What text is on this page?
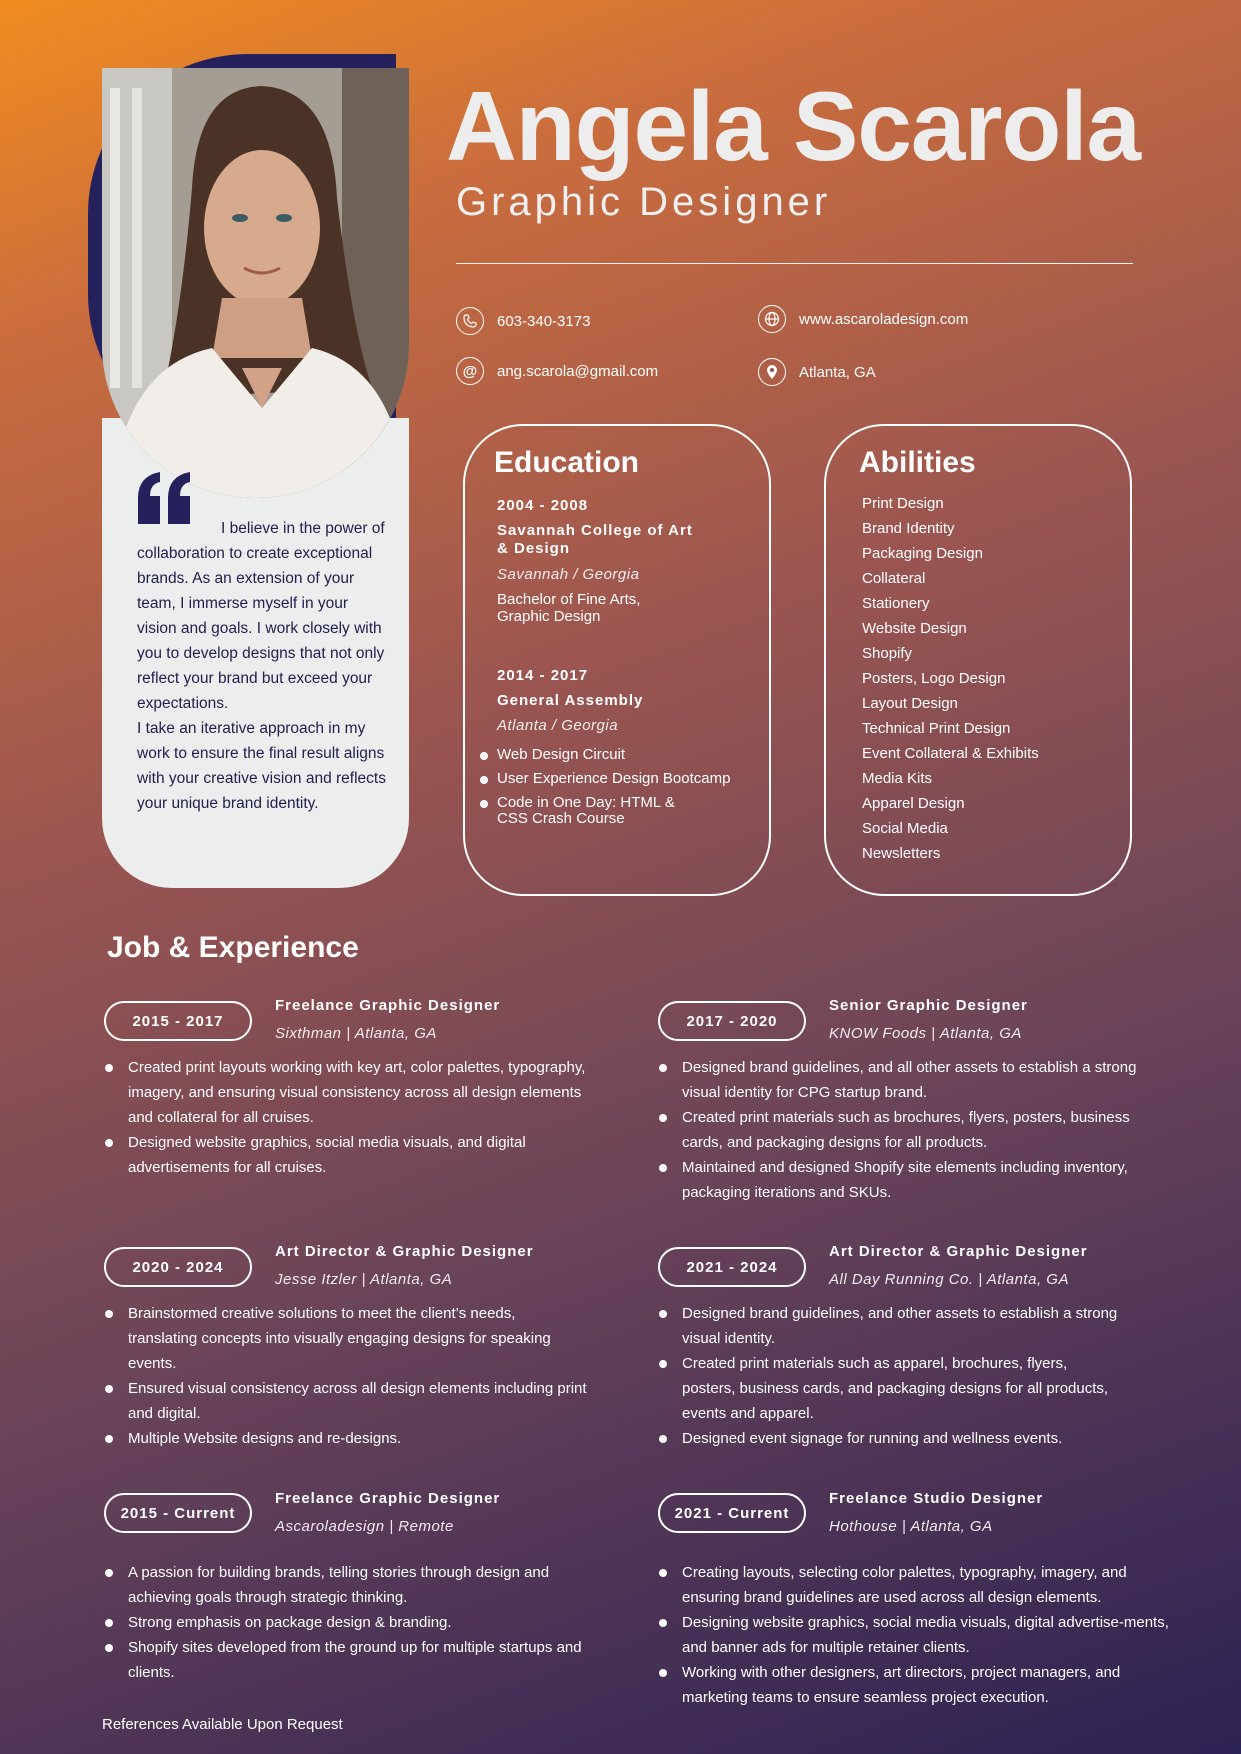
I believe in the power of collaboration to create exceptional brands. As an extension of your team, I immerse myself in your vision and goals. I work closely with you to develop designs that not only reflect your brand but exceed your expectations.
I take an iterative approach in my work to ensure the final result aligns with your creative vision and reflects your unique brand identity.
Angela Scarola
Graphic Designer
603-340-3173
@	ang.scarola@gmail.com
www.ascaroladesign.com
Atlanta, GA
Education
2004 - 2008
Savannah College of Art & Design
Savannah / Georgia
Bachelor of Fine Arts, Graphic Design
2014 - 2017
General Assembly
Atlanta / Georgia
Web Design Circuit
User Experience Design Bootcamp
Code in One Day: HTML & CSS Crash Course
Abilities
Print Design
Brand Identity
Packaging Design
Collateral
Stationery
Website Design
Shopify
Posters, Logo Design
Layout Design
Technical Print Design
Event Collateral & Exhibits
Media Kits
Apparel Design
Social Media
Newsletters
Job & Experience
2015 - 2017
Freelance Graphic Designer
Sixthman | Atlanta, GA
Created print layouts working with key art, color palettes, typography, imagery, and ensuring visual consistency across all design elements and collateral for all cruises.
Designed website graphics, social media visuals, and digital advertisements for all cruises.
2017 - 2020
Senior Graphic Designer
KNOW Foods | Atlanta, GA
Designed brand guidelines, and all other assets to establish a strong visual identity for CPG startup brand.
Created print materials such as brochures, flyers, posters, business cards, and packaging designs for all products.
Maintained and designed Shopify site elements including inventory, packaging iterations and SKUs.
2020 - 2024
Art Director & Graphic Designer
Jesse Itzler | Atlanta, GA
Brainstormed creative solutions to meet the client’s needs, translating concepts into visually engaging designs for speaking events.
Ensured visual consistency across all design elements including print and digital.
Multiple Website designs and re-designs.
2021 - 2024
Art Director & Graphic Designer
All Day Running Co. | Atlanta, GA
Designed brand guidelines, and other assets to establish a strong visual identity.
Created print materials such as apparel, brochures, flyers, posters, business cards, and packaging designs for all products, events and apparel.
Designed event signage for running and wellness events.
2015 - Current
Freelance Graphic Designer
Ascaroladesign | Remote
A passion for building brands, telling stories through design and achieving goals through strategic thinking.
Strong emphasis on package design & branding.
Shopify sites developed from the ground up for multiple startups and clients.
2021 - Current
Freelance Studio Designer
Hothouse | Atlanta, GA
Creating layouts, selecting color palettes, typography, imagery, and ensuring brand guidelines are used across all design elements.
Designing website graphics, social media visuals, digital advertise-ments, and banner ads for multiple retainer clients.
Working with other designers, art directors, project managers, and marketing teams to ensure seamless project execution.
References Available Upon Request
